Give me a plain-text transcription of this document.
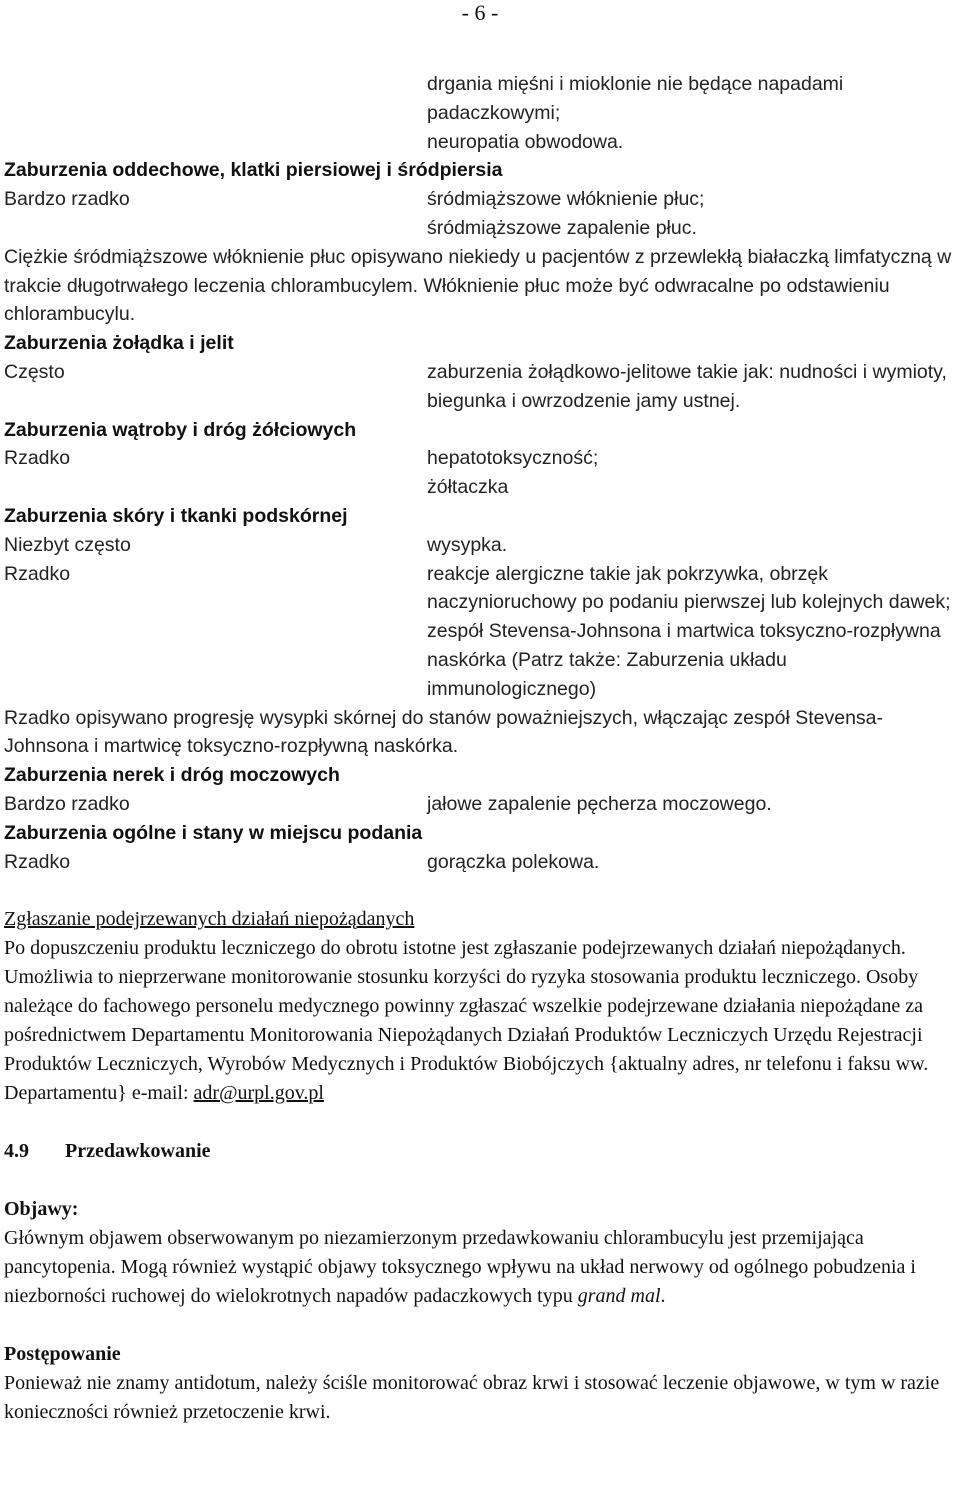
- 6 -
drgania mięśni i mioklonie nie będące napadami
padaczkowymi;
neuropatia obwodowa.
Zaburzenia oddechowe, klatki piersiowej i śródpiersia
Bardzo rzadko	śródmiąższowe włóknienie płuc;
śródmiąższowe zapalenie płuc.
Ciężkie śródmiąższowe włóknienie płuc opisywano niekiedy u pacjentów z przewlekłą białaczką limfatyczną w trakcie długotrwałego leczenia chlorambucylem. Włóknienie płuc może być odwracalne po odstawieniu chlorambucylu.
Zaburzenia żołądka i jelit
Często	zaburzenia żołądkowo-jelitowe takie jak: nudności i wymioty, biegunka i owrzodzenie jamy ustnej.
Zaburzenia wątroby i dróg żółciowych
Rzadko	hepatotoksyczność;
żółtaczka
Zaburzenia skóry i tkanki podskórnej
Niezbyt często	wysypka.
Rzadko	reakcje alergiczne takie jak pokrzywka, obrzęk naczynioruchowy po podaniu pierwszej lub kolejnych dawek;
zespół Stevensa-Johnsona i martwica toksyczno-rozpływna naskórka (Patrz także: Zaburzenia układu immunologicznego)
Rzadko opisywano progresję wysypki skórnej do stanów poważniejszych, włączając zespół Stevensa-Johnsona i martwicę toksyczno-rozpływną naskórka.
Zaburzenia nerek i dróg moczowych
Bardzo rzadko	jałowe zapalenie pęcherza moczowego.
Zaburzenia ogólne i stany w miejscu podania
Rzadko	gorączka polekowa.
Zgłaszanie podejrzewanych działań niepożądanych
Po dopuszczeniu produktu leczniczego do obrotu istotne jest zgłaszanie podejrzewanych działań niepożądanych. Umożliwia to nieprzerwane monitorowanie stosunku korzyści do ryzyka stosowania produktu leczniczego. Osoby należące do fachowego personelu medycznego powinny zgłaszać wszelkie podejrzewane działania niepożądane za pośrednictwem Departamentu Monitorowania Niepożądanych Działań Produktów Leczniczych Urzędu Rejestracji Produktów Leczniczych, Wyrobów Medycznych i Produktów Biobójczych {aktualny adres, nr telefonu i faksu ww. Departamentu} e-mail: adr@urpl.gov.pl
4.9 Przedawkowanie
Objawy:
Głównym objawem obserwowanym po niezamierzonym przedawkowaniu chlorambucylu jest przemijająca pancytopenia. Mogą również wystąpić objawy toksycznego wpływu na układ nerwowy od ogólnego pobudzenia i niezborności ruchowej do wielokrotnych napadów padaczkowych typu grand mal.
Postępowanie
Ponieważ nie znamy antidotum, należy ściśle monitorować obraz krwi i stosować leczenie objawowe, w tym w razie konieczności również przetoczenie krwi.
